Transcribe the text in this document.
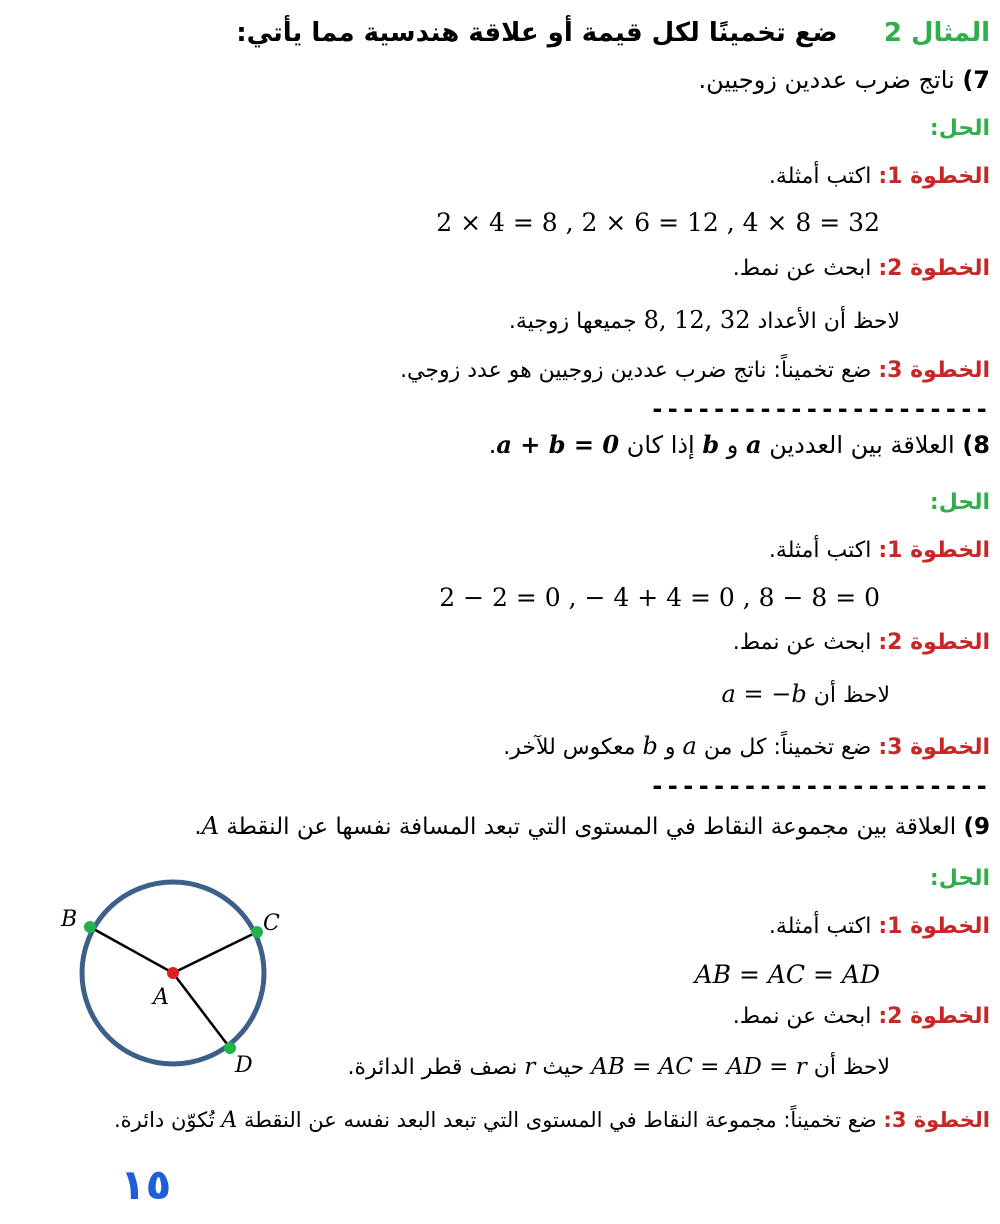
المثال 2  ضع تخمينًا لكل قيمة أو علاقة هندسية مما يأتي:
7) ناتج ضرب عددين زوجيين.
الحل:
الخطوة 1: اكتب أمثلة.
2 × 4 = 8 , 2 × 6 = 12 , 4 × 8 = 32
الخطوة 2: ابحث عن نمط.
لاحظ أن الأعداد 8, 12, 32 جميعها زوجية.
الخطوة 3: ضع تخميناً: ناتج ضرب عددين زوجيين هو عدد زوجي.
----------------------
8) العلاقة بين العددين a و b إذا كان a + b = 0.
الحل:
الخطوة 1: اكتب أمثلة.
2 − 2 = 0 , − 4 + 4 = 0 , 8 − 8 = 0
الخطوة 2: ابحث عن نمط.
لاحظ أن a = −b
الخطوة 3: ضع تخميناً: كل من a و b معكوس للآخر.
----------------------
9) العلاقة بين مجموعة النقاط في المستوى التي تبعد المسافة نفسها عن النقطة A.
الحل:
الخطوة 1: اكتب أمثلة.
AB = AC = AD
الخطوة 2: ابحث عن نمط.
لاحظ أن AB = AC = AD = r حيث r نصف قطر الدائرة.
الخطوة 3: ضع تخميناً: مجموعة النقاط في المستوى التي تبعد البعد نفسه عن النقطة A تُكوّن دائرة.
B	C
A
D
١٥
